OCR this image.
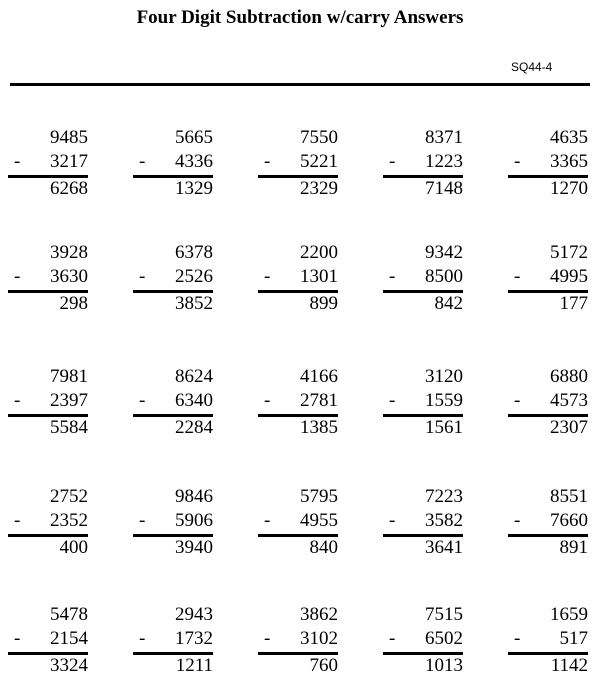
Four Digit Subtraction w/carry Answers
SQ44-4
9485
- 3217
6268
5665
- 4336
1329
7550
- 5221
2329
8371
- 1223
7148
4635
- 3365
1270
3928
- 3630
298
6378
- 2526
3852
2200
- 1301
899
9342
- 8500
842
5172
- 4995
177
7981
- 2397
5584
8624
- 6340
2284
4166
- 2781
1385
3120
- 1559
1561
6880
- 4573
2307
2752
- 2352
400
9846
- 5906
3940
5795
- 4955
840
7223
- 3582
3641
8551
- 7660
891
5478
- 2154
3324
2943
- 1732
1211
3862
- 3102
760
7515
- 6502
1013
1659
- 517
1142
